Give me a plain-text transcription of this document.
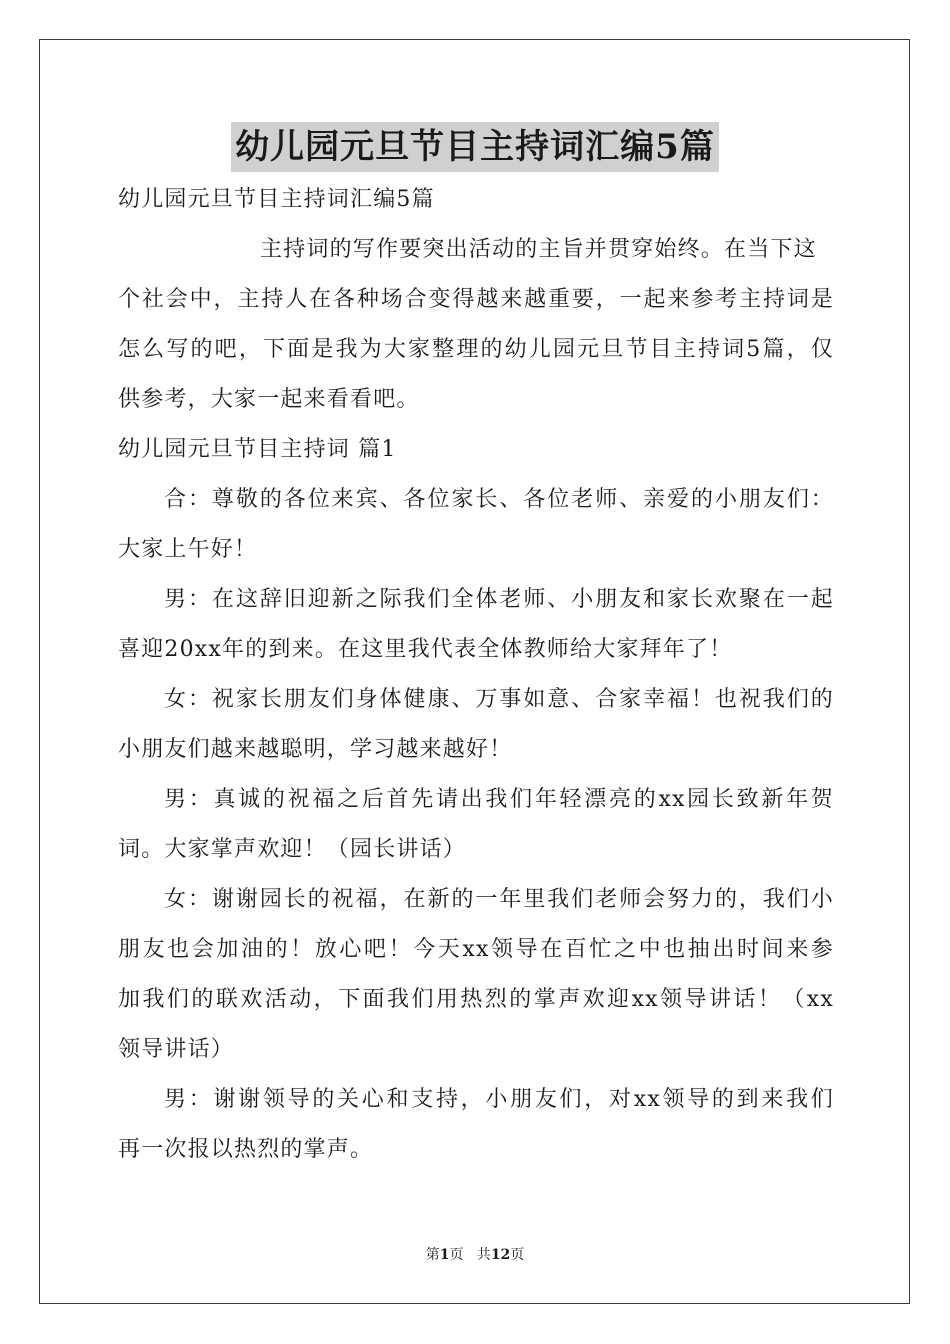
幼儿园元旦节目主持词汇编5篇
幼儿园元旦节目主持词汇编5篇
主持词的写作要突出活动的主旨并贯穿始终。在当下这
个社会中，主持人在各种场合变得越来越重要，一起来参考主持词是
怎么写的吧，下面是我为大家整理的幼儿园元旦节目主持词5篇，仅
供参考，大家一起来看看吧。
幼儿园元旦节目主持词 篇1
合：尊敬的各位来宾、各位家长、各位老师、亲爱的小朋友们：
大家上午好！
男：在这辞旧迎新之际我们全体老师、小朋友和家长欢聚在一起
喜迎20xx年的到来。在这里我代表全体教师给大家拜年了！
女：祝家长朋友们身体健康、万事如意、合家幸福！也祝我们的
小朋友们越来越聪明，学习越来越好！
男：真诚的祝福之后首先请出我们年轻漂亮的xx园长致新年贺
词。大家掌声欢迎！（园长讲话）
女：谢谢园长的祝福，在新的一年里我们老师会努力的，我们小
朋友也会加油的！放心吧！今天xx领导在百忙之中也抽出时间来参
加我们的联欢活动，下面我们用热烈的掌声欢迎xx领导讲话！（xx
领导讲话）
男：谢谢领导的关心和支持，小朋友们，对xx领导的到来我们
再一次报以热烈的掌声。
第1页   共12页
